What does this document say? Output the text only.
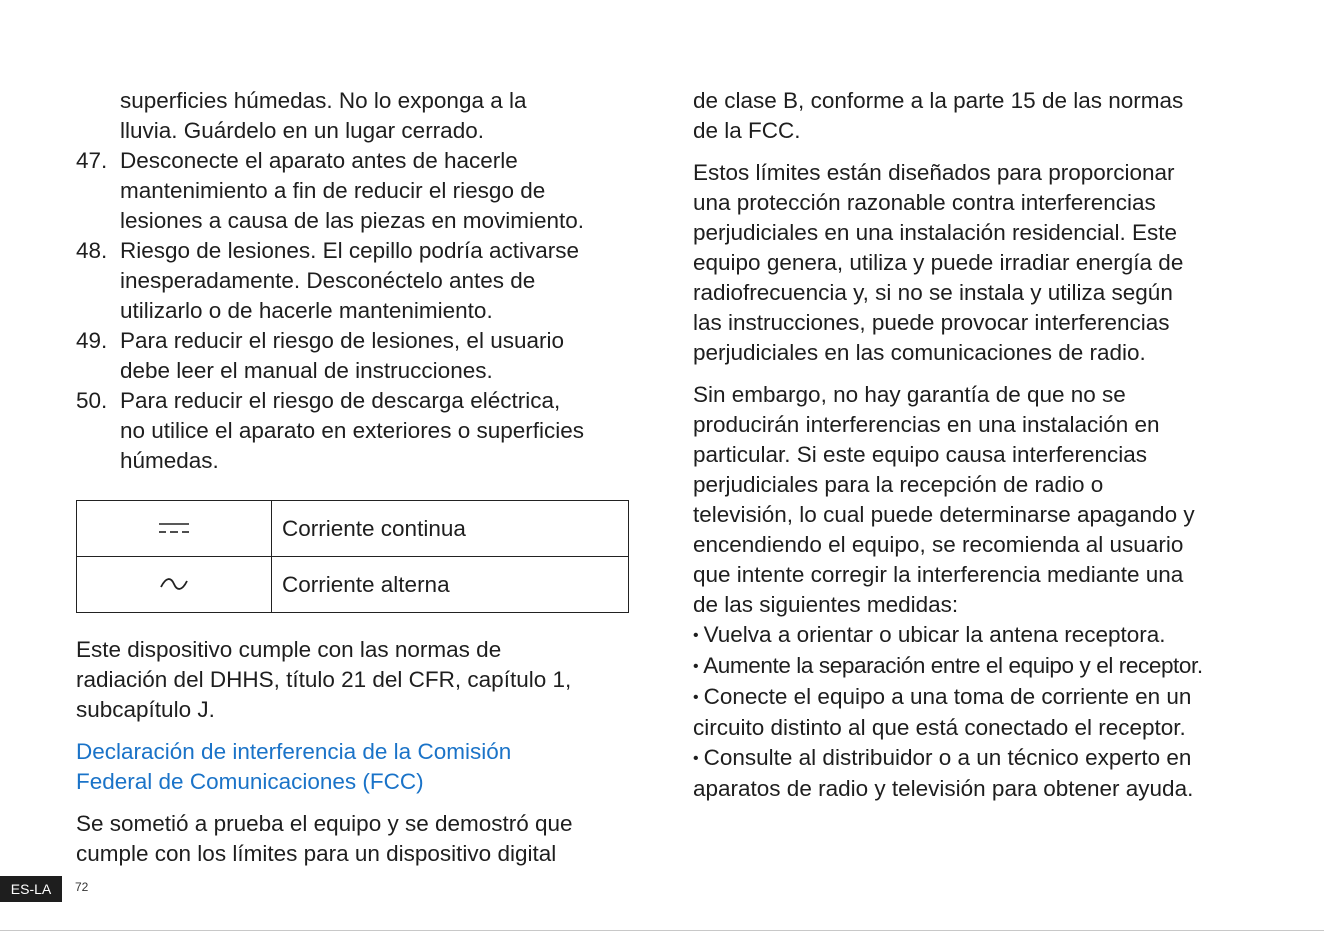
superficies húmedas. No lo exponga a la
lluvia. Guárdelo en un lugar cerrado.
47. Desconecte el aparato antes de hacerle
mantenimiento a fin de reducir el riesgo de
lesiones a causa de las piezas en movimiento.
48. Riesgo de lesiones. El cepillo podría activarse
inesperadamente. Desconéctelo antes de
utilizarlo o de hacerle mantenimiento.
49. Para reducir el riesgo de lesiones, el usuario
debe leer el manual de instrucciones.
50. Para reducir el riesgo de descarga eléctrica,
no utilice el aparato en exteriores o superficies
húmedas.
	Corriente continua
	Corriente alterna
Este dispositivo cumple con las normas de
radiación del DHHS, título 21 del CFR, capítulo 1,
subcapítulo J.
Declaración de interferencia de la Comisión
Federal de Comunicaciones (FCC)
Se sometió a prueba el equipo y se demostró que
cumple con los límites para un dispositivo digital
de clase B, conforme a la parte 15 de las normas
de la FCC.
Estos límites están diseñados para proporcionar
una protección razonable contra interferencias
perjudiciales en una instalación residencial. Este
equipo genera, utiliza y puede irradiar energía de
radiofrecuencia y, si no se instala y utiliza según
las instrucciones, puede provocar interferencias
perjudiciales en las comunicaciones de radio.
Sin embargo, no hay garantía de que no se
producirán interferencias en una instalación en
particular. Si este equipo causa interferencias
perjudiciales para la recepción de radio o
televisión, lo cual puede determinarse apagando y
encendiendo el equipo, se recomienda al usuario
que intente corregir la interferencia mediante una
de las siguientes medidas:
• Vuelva a orientar o ubicar la antena receptora.
• Aumente la separación entre el equipo y el receptor.
• Conecte el equipo a una toma de corriente en un
circuito distinto al que está conectado el receptor.
• Consulte al distribuidor o a un técnico experto en
aparatos de radio y televisión para obtener ayuda.
ES-LA	72
